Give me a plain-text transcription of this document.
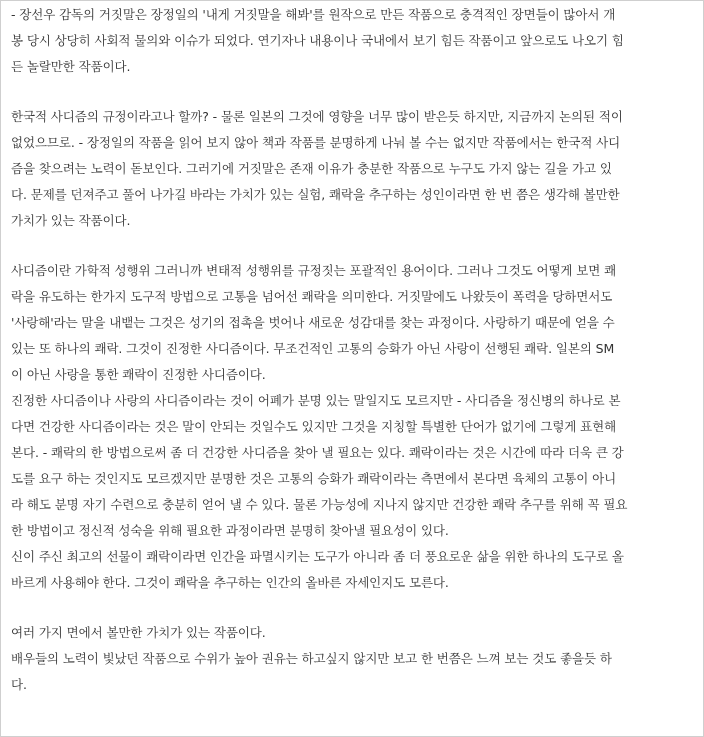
- 장선우 감독의 거짓말은 장정일의 '내게 거짓말을 해봐'를 원작으로 만든 작품으로 충격적인 장면들이 많아서 개
봉 당시 상당히 사회적 물의와 이슈가 되었다. 연기자나 내용이나 국내에서 보기 힘든 작품이고 앞으로도 나오기 힘
든 놀랄만한 작품이다.
한국적 사디즘의 규정이라고나 할까? - 물론 일본의 그것에 영향을 너무 많이 받은듯 하지만, 지금까지 논의된 적이
없었으므로. - 장정일의 작품을 읽어 보지 않아 책과 작품를 분명하게 나눠 볼 수는 없지만 작품에서는 한국적 사디
즘을 찾으려는 노력이 돋보인다. 그러기에 거짓말은 존재 이유가 충분한 작품으로 누구도 가지 않는 길을 가고 있
다. 문제를 던져주고 풀어 나가길 바라는 가치가 있는 실험, 쾌락을 추구하는 성인이라면 한 번 쯤은 생각해 볼만한
가치가 있는 작품이다.
사디즘이란 가학적 성행위 그러니까 변태적 성행위를 규정짓는 포괄적인 용어이다. 그러나 그것도 어떻게 보면 쾌
락을 유도하는 한가지 도구적 방법으로 고통을 넘어선 쾌락을 의미한다. 거짓말에도 나왔듯이 폭력을 당하면서도
'사랑해'라는 말을 내뱉는 그것은 성기의 접촉을 벗어나 새로운 성감대를 찾는 과정이다. 사랑하기 때문에 얻을 수
있는 또 하나의 쾌락. 그것이 진정한 사디즘이다. 무조건적인 고통의 승화가 아닌 사랑이 선행된 쾌락. 일본의 SM
이 아닌 사랑을 통한 쾌락이 진정한 사디즘이다.
진정한 사디즘이나 사랑의 사디즘이라는 것이 어폐가 분명 있는 말일지도 모르지만 - 사디즘을 정신병의 하나로 본
다면 건강한 사디즘이라는 것은 말이 안되는 것일수도 있지만 그것을 지칭할 특별한 단어가 없기에 그렇게 표현해
본다. - 쾌락의 한 방법으로써 좀 더 건강한 사디즘을 찾아 낼 필요는 있다. 쾌락이라는 것은 시간에 따라 더욱 큰 강
도를 요구 하는 것인지도 모르겠지만 분명한 것은 고통의 승화가 쾌락이라는 측면에서 본다면 육체의 고통이 아니
라 해도 분명 자기 수련으로 충분히 얻어 낼 수 있다. 물론 가능성에 지나지 않지만 건강한 쾌락 추구를 위해 꼭 필요
한 방법이고 정신적 성숙을 위해 필요한 과정이라면 분명히 찾아낼 필요성이 있다.
신이 주신 최고의 선물이 쾌락이라면 인간을 파멸시키는 도구가 아니라 좀 더 풍요로운 삶을 위한 하나의 도구로 올
바르게 사용해야 한다. 그것이 쾌락을 추구하는 인간의 올바른 자세인지도 모른다.
여러 가지 면에서 볼만한 가치가 있는 작품이다.
배우들의 노력이 빛났던 작품으로 수위가 높아 권유는 하고싶지 않지만 보고 한 번쯤은 느껴 보는 것도 좋을듯 하
다.
